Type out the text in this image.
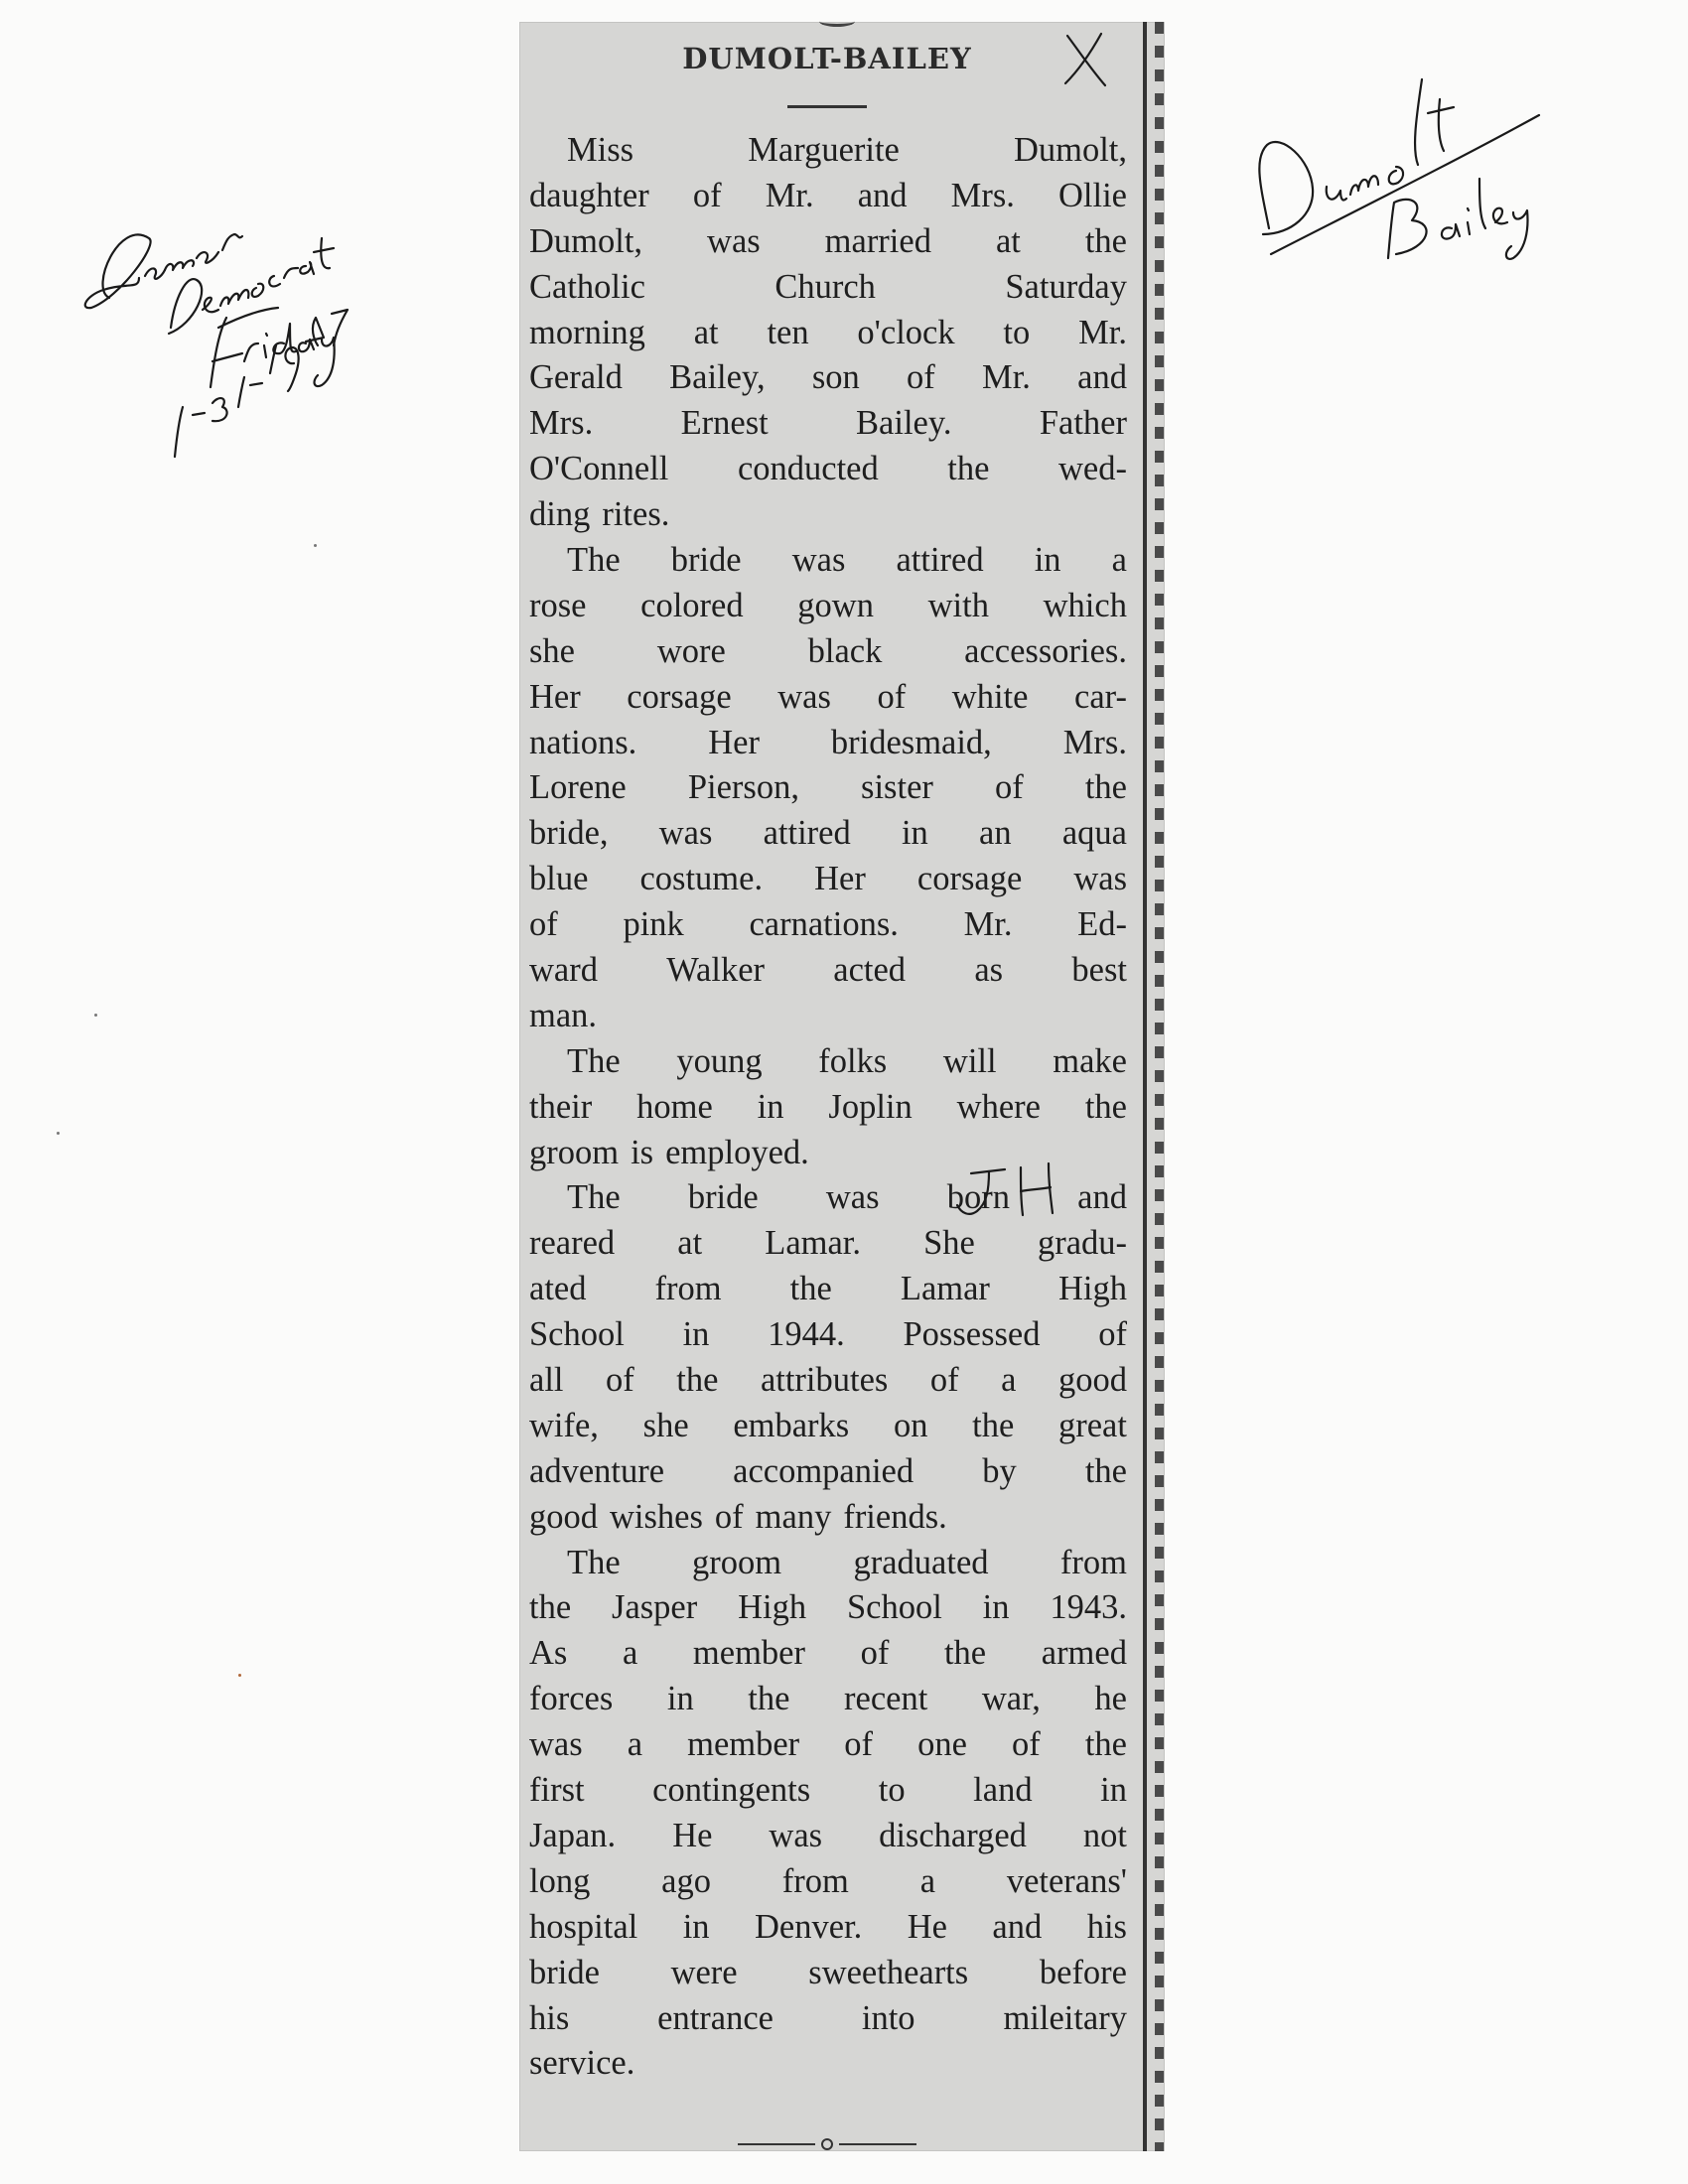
DUMOLT-BAILEY
Miss	Marguerite	Dumolt,
daughter of Mr. and Mrs. Ollie
Dumolt, was married at the
Catholic	Church	Saturday
morning at ten o'clock to Mr.
Gerald Bailey, son of Mr. and
Mrs.	Ernest	Bailey.	Father
O'Connell conducted the wed-
ding rites.
The bride was attired in a
rose colored gown with which
she wore black accessories.
Her corsage was of white car-
nations. Her bridesmaid, Mrs.
Lorene Pierson, sister of the
bride, was attired in an aqua
blue costume. Her corsage was
of pink carnations. Mr. Ed-
ward Walker acted as best
man.
The young folks will make
their home in Joplin where the
groom is employed.
The bride was born and
reared at Lamar. She gradu-
ated from the Lamar High
School in 1944. Possessed of
all of the attributes of a good
wife, she embarks on the great
adventure accompanied by the
good wishes of many friends.
The groom graduated from
the Jasper High School in 1943.
As a member of the armed
forces in the recent war, he
was a member of one of the
first contingents to land in
Japan. He was discharged not
long ago from a veterans'
hospital in Denver. He and his
bride were sweethearts before
his	entrance	into	mileitary
service.
